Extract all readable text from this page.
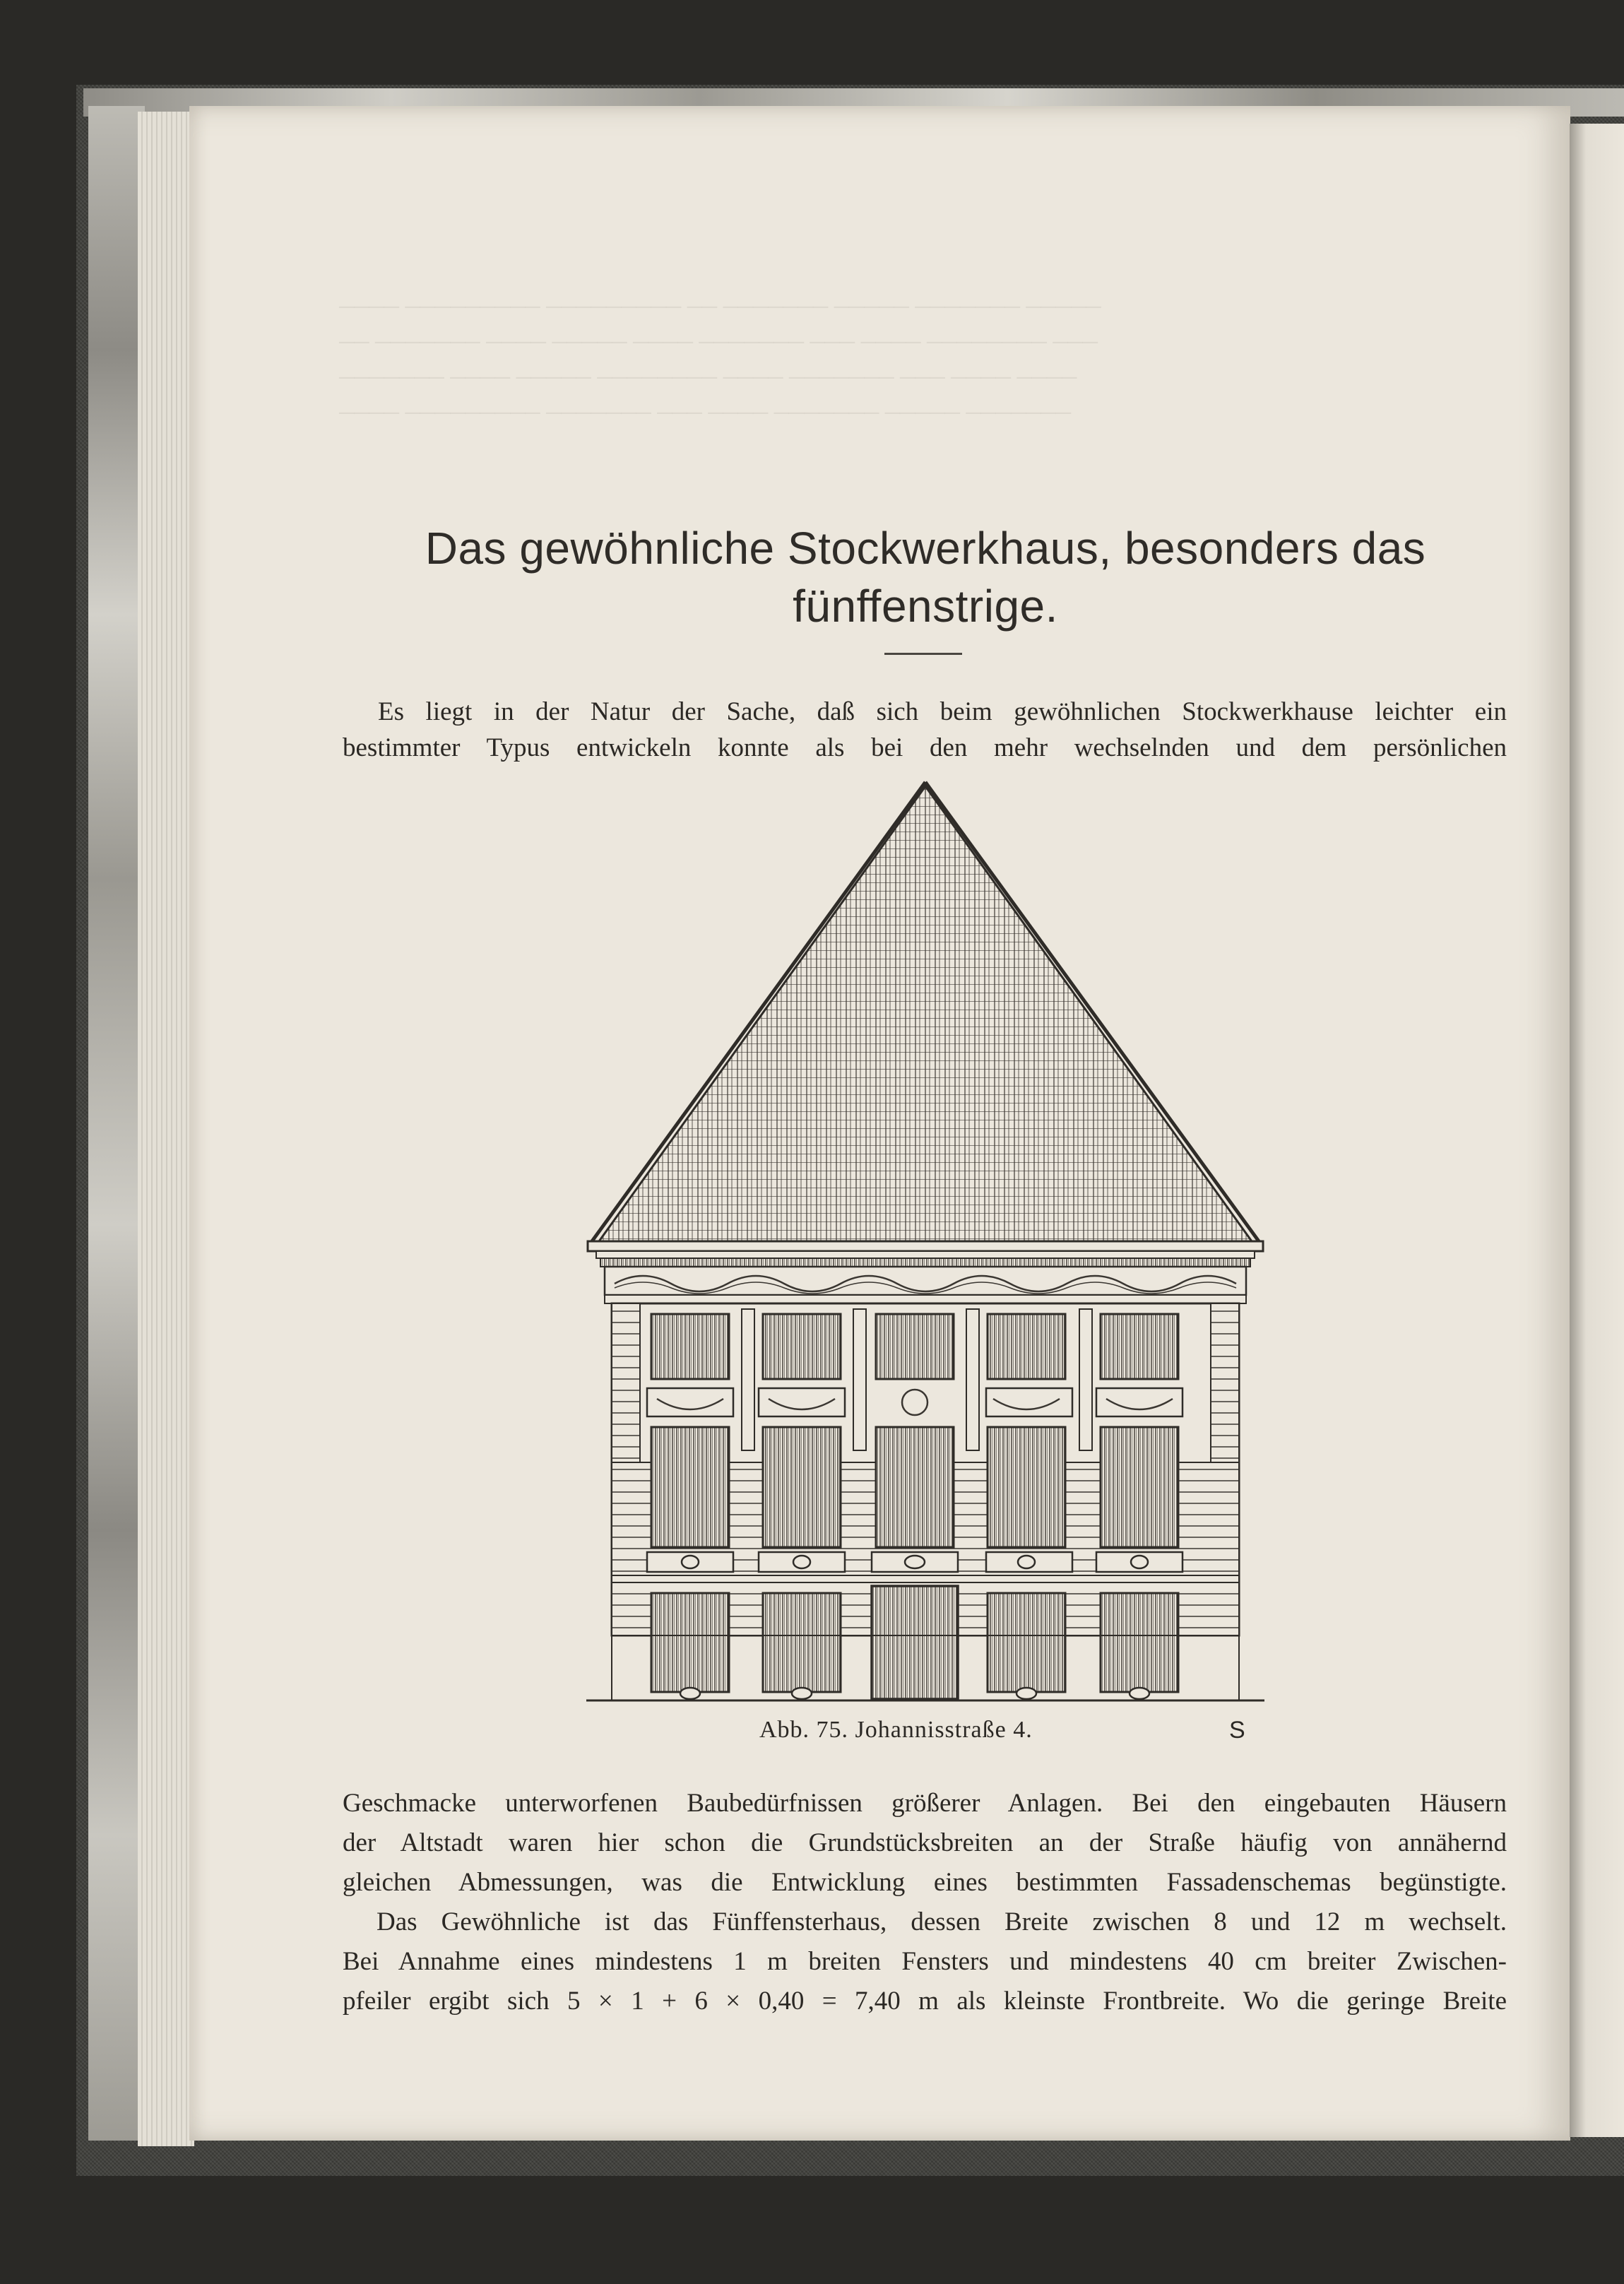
──── ───────── ───────── ── ─────── ───── ─────── ─────
── ─────── ──── ───── ──── ─────── ─── ──── ──────── ───
─────── ──── ───── ──────── ──── ─────── ─── ──── ────
──── ───────── ─────── ─── ──── ─────── ───── ───────
Das gewöhnliche Stockwerkhaus, besonders das
fünffenstrige.
Es liegt in der Natur der Sache, daß sich beim gewöhnlichen Stockwerkhause leichter ein
bestimmter Typus entwickeln konnte als bei den mehr wechselnden und dem persönlichen
Abb. 75. Johannisstraße 4.	S
Geschmacke unterworfenen Baubedürfnissen größerer Anlagen. Bei den eingebauten Häusern
der Altstadt waren hier schon die Grundstücksbreiten an der Straße häufig von annähernd
gleichen Abmessungen, was die Entwicklung eines bestimmten Fassadenschemas begünstigte.
Das Gewöhnliche ist das Fünffensterhaus, dessen Breite zwischen 8 und 12 m wechselt.
Bei Annahme eines mindestens 1 m breiten Fensters und mindestens 40 cm breiter Zwischen-
pfeiler ergibt sich 5 × 1 + 6 × 0,40 = 7,40 m als kleinste Frontbreite. Wo die geringe Breite
